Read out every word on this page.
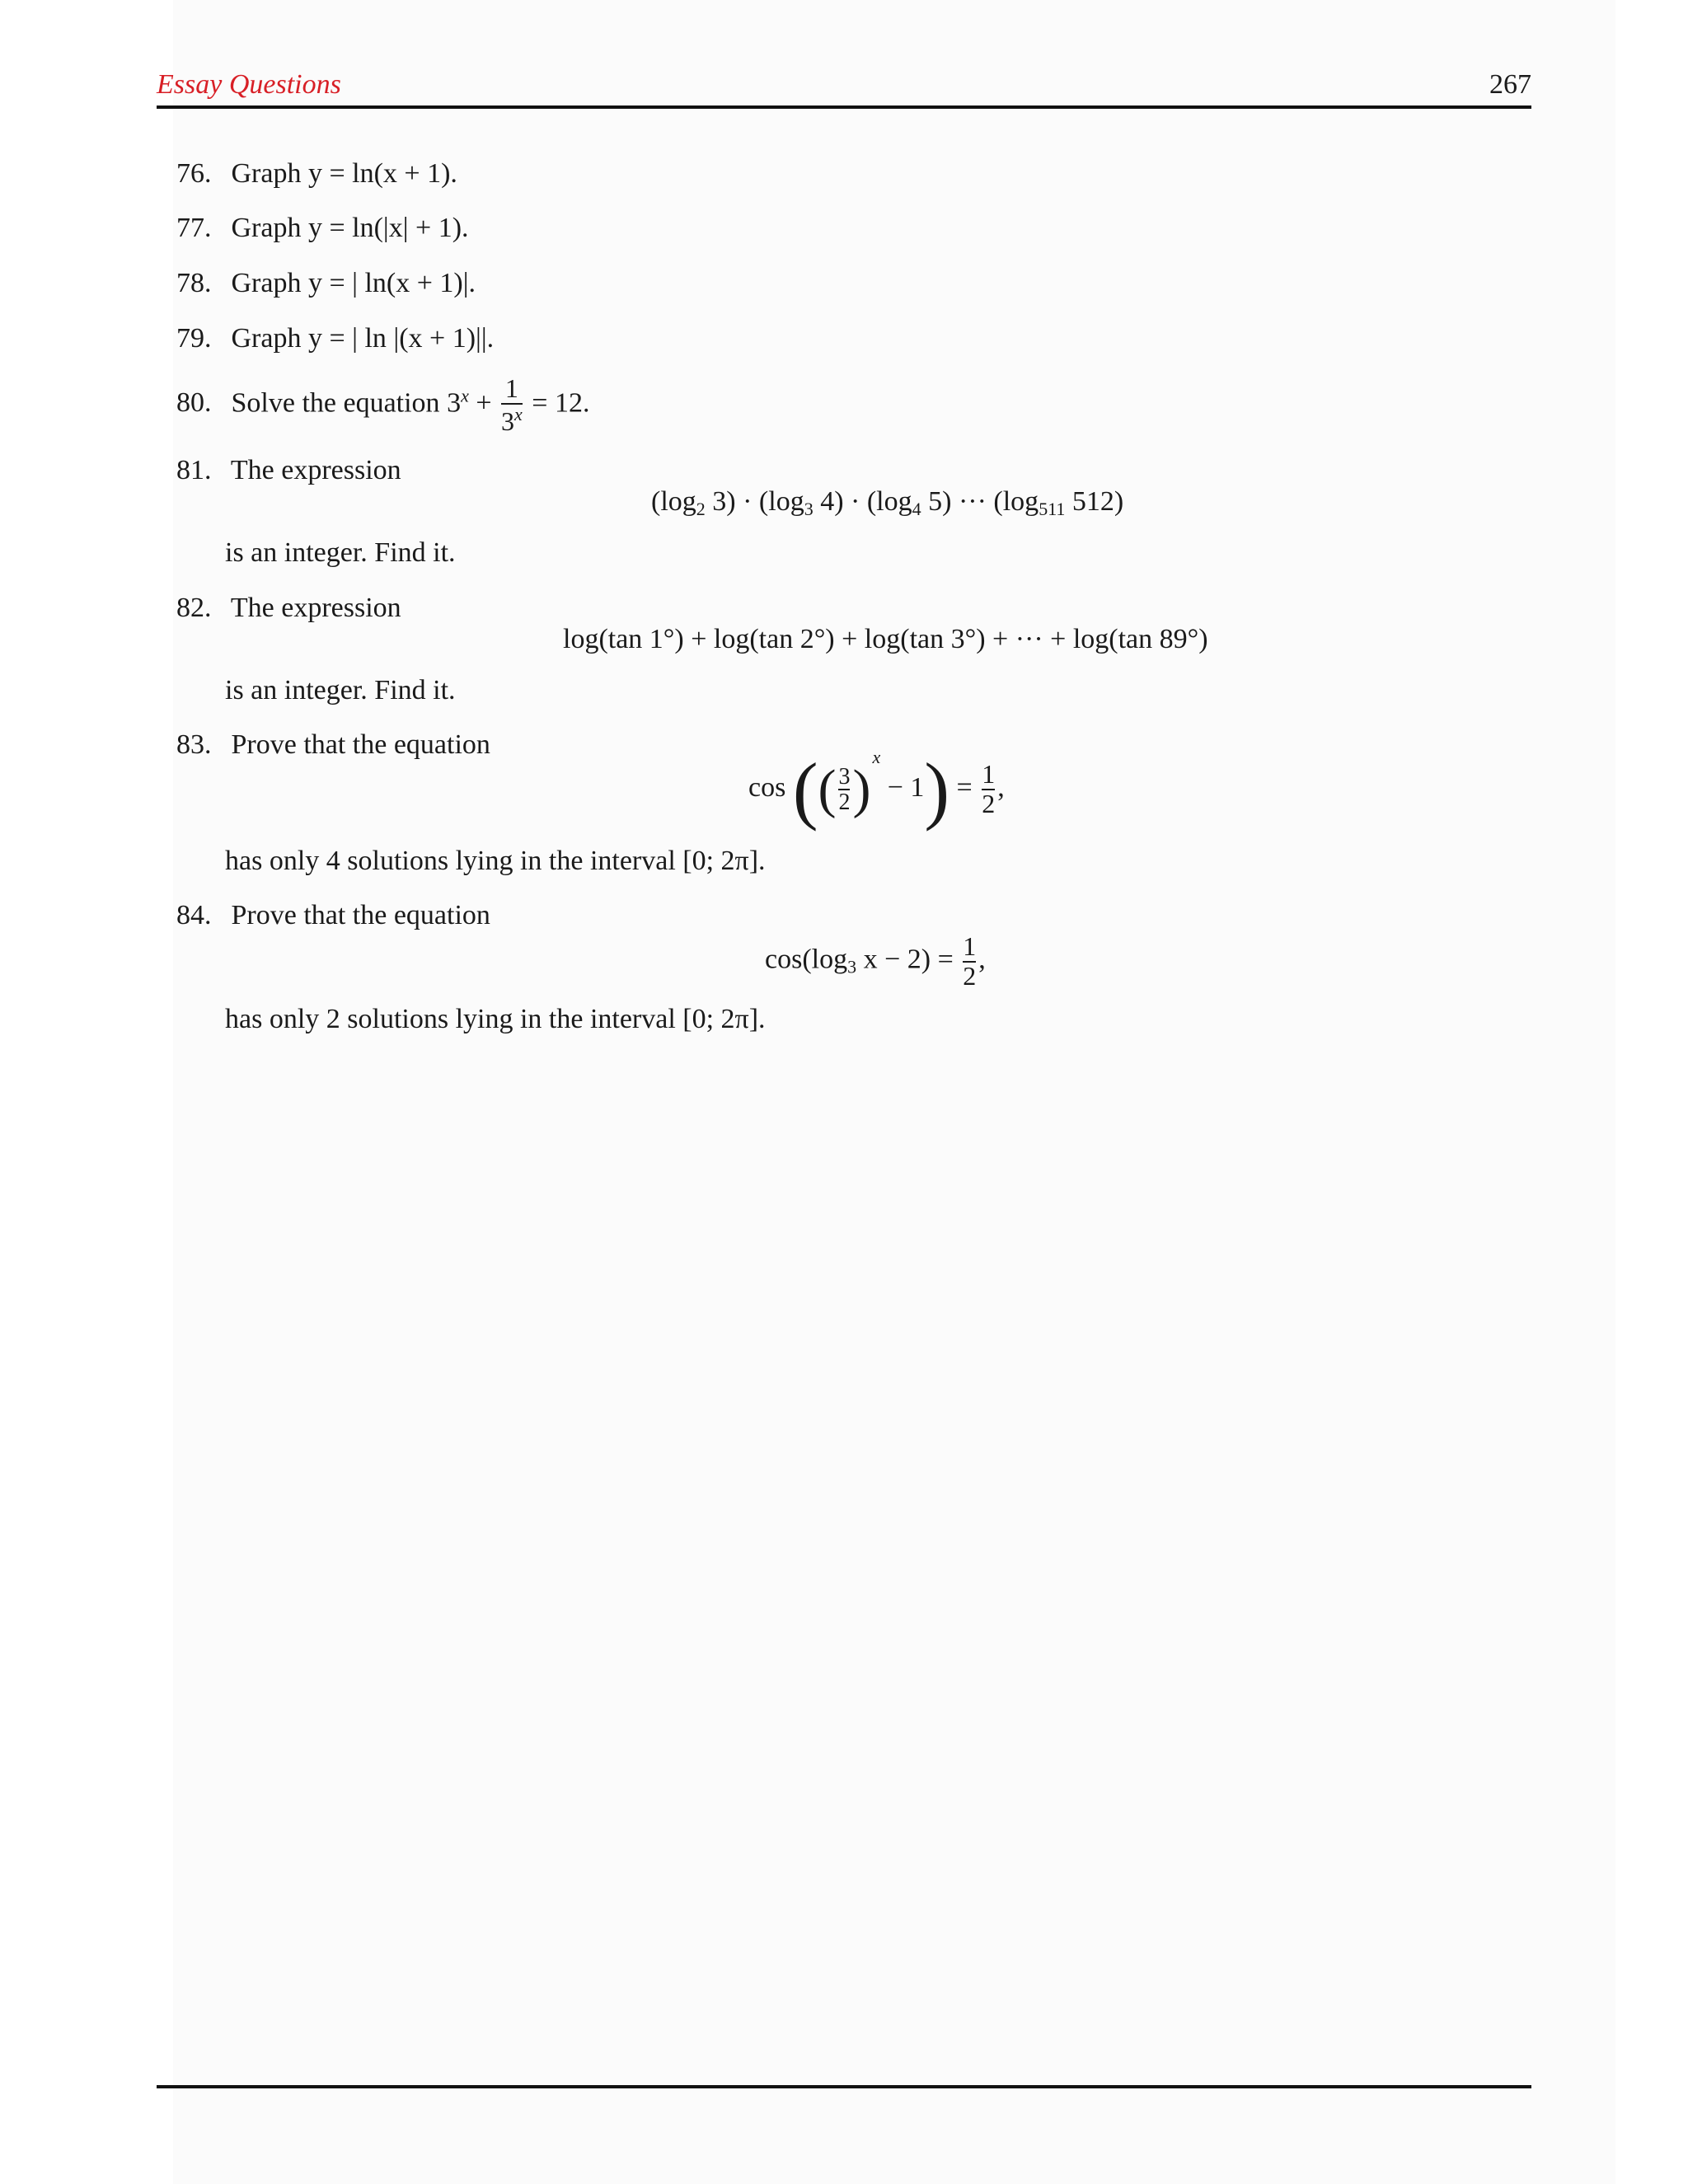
Essay Questions	267
76. Graph y = ln(x + 1).
77. Graph y = ln(|x| + 1).
78. Graph y = | ln(x + 1)|.
79. Graph y = | ln |(x + 1)||.
80. Solve the equation $3^x + \frac{1}{3^x} = 12$.
81. The expression
($\log_2$ $3) \cdot (\log_3$ $4) \cdot (\log_4$ 5) ··· ($\log_{511}$ 512)
is an integer. Find it.
82. The expression
log(tan 1°) + log(tan 2°) + log(tan 3°) + ··· + log(tan 89°)
is an integer. Find it.
83. Prove that the equation
cos (( $\frac{3}{2} )^x - 1) = \frac{1}{2}$ ,
has only 4 solutions lying in the interval [0; 2π].
84. Prove that the equation
$\cos(\log_3$ $x - 2) = \frac{1}{2}$ ,
has only 2 solutions lying in the interval [0; 2π].
